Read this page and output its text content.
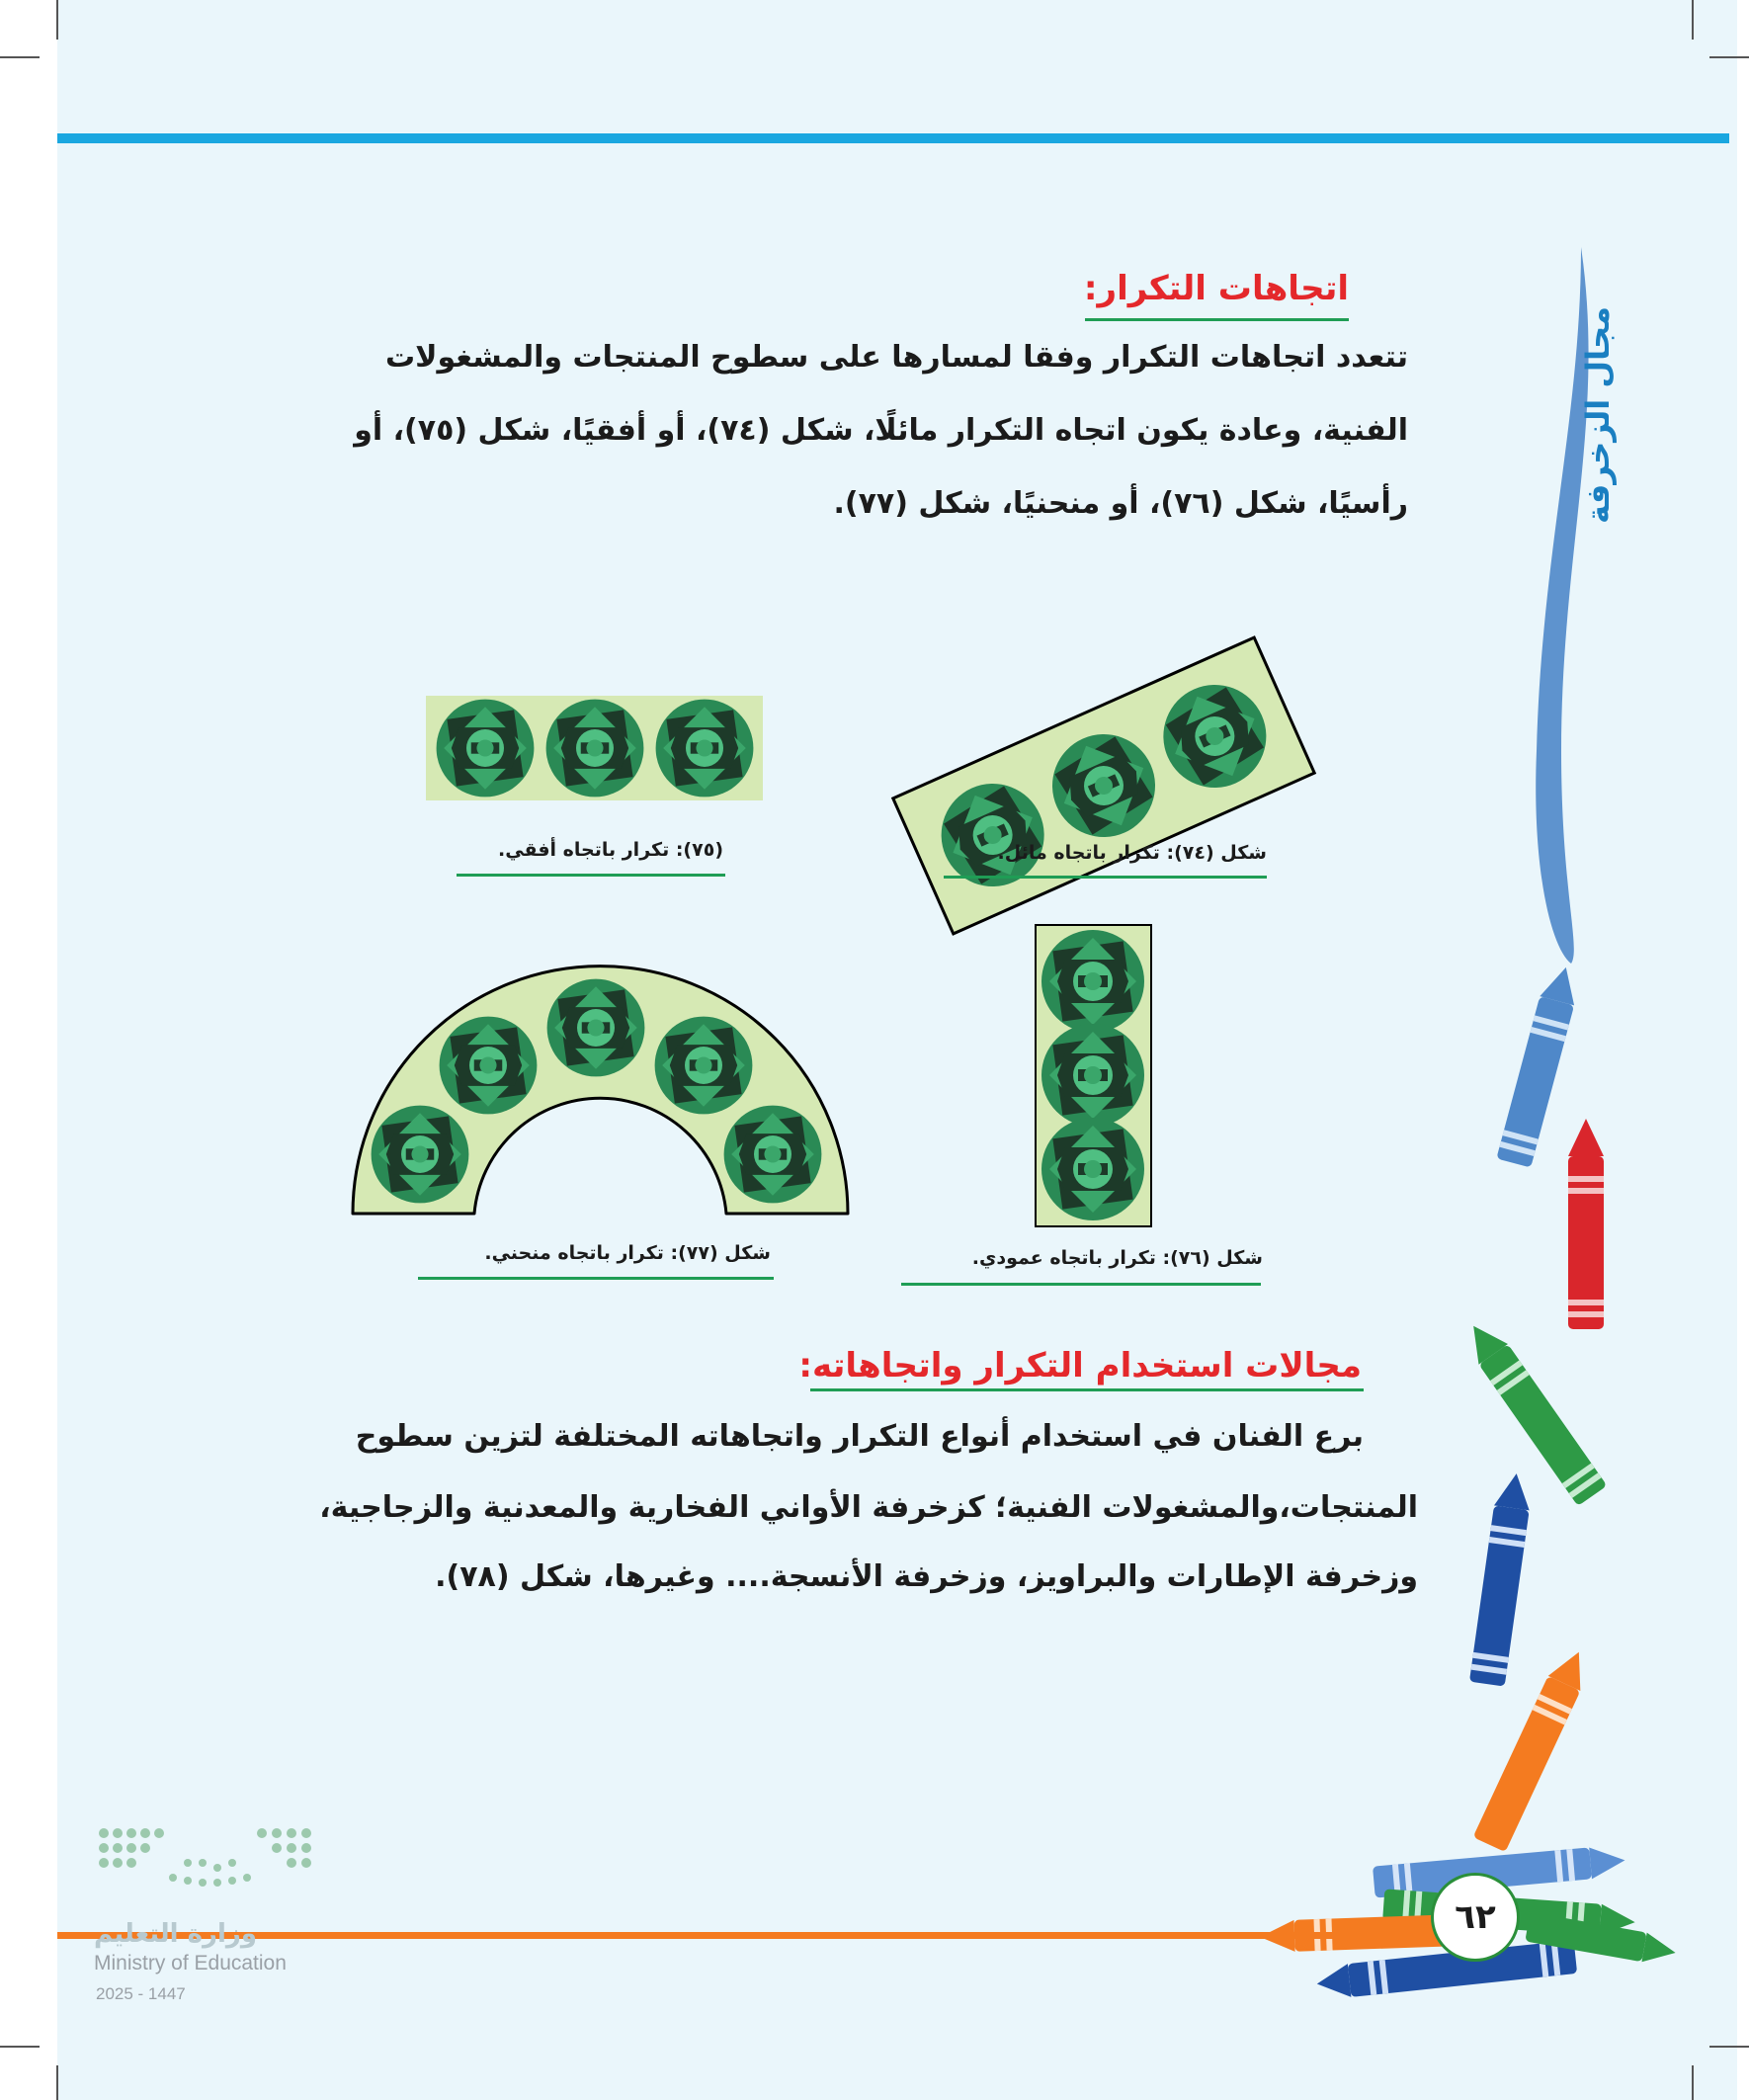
مجال الزخرفة
اتجاهات التكرار:
تتعدد اتجاهات التكرار وفقا لمسارها على سطوح المنتجات والمشغولات
الفنية، وعادة يكون اتجاه التكرار مائلًا، شكل (٧٤)، أو أفقيًا، شكل (٧٥)، أو
رأسيًا، شكل (٧٦)، أو منحنيًا، شكل (٧٧).
شكل (٧٤): تكرار باتجاه مائل.
(٧٥): تكرار باتجاه أفقي.
شكل (٧٦): تكرار باتجاه عمودي.
شكل (٧٧): تكرار باتجاه منحني.
مجالات استخدام التكرار واتجاهاته:
برع الفنان في استخدام أنواع التكرار واتجاهاته المختلفة لتزين سطوح
المنتجات،والمشغولات الفنية؛ كزخرفة الأواني الفخارية والمعدنية والزجاجية،
وزخرفة الإطارات والبراويز، وزخرفة الأنسجة.... وغيرها، شكل (٧٨).
٦٢
وزارة التعليم
Ministry of Education
2025 - 1447
